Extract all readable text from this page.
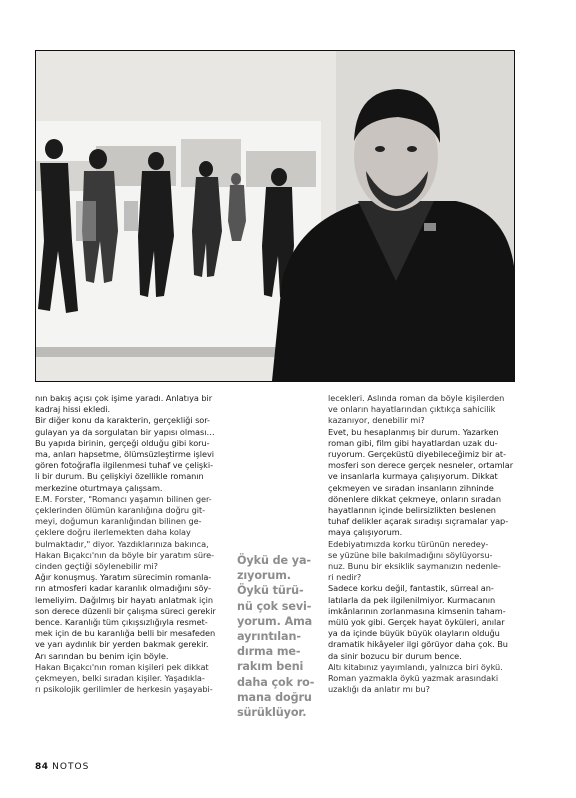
nın bakış açısı çok işime yaradı. Anlatıya bir

kadraj hissi ekledi.

Bir diğer konu da karakterin, gerçekliği sor-

gulayan ya da sorgulatan bir yapısı olması…

Bu yapıda birinin, gerçeği olduğu gibi koru-

ma, anları hapsetme, ölümsüzleştirme işlevi

gören fotoğrafla ilgilenmesi tuhaf ve çelişki-

li bir durum. Bu çelişkiyi özellikle romanın

merkezine oturtmaya çalışsam.

E.M. Forster, "Romancı yaşamın bilinen ger-

çeklerinden ölümün karanlığına doğru git-

meyi, doğumun karanlığından bilinen ge-

çeklere doğru ilerlemekten daha kolay

bulmaktadır," diyor. Yazdıklarınıza bakınca,

Hakan Bıçakcı'nın da böyle bir yaratım süre-

cinden geçtiği söylenebilir mi?

Ağır konuşmuş. Yaratım sürecimin romanla-

rın atmosferi kadar karanlık olmadığını söy-

lemeliyim. Dağılmış bir hayatı anlatmak için

son derece düzenli bir çalışma süreci gerekir

bence. Karanlığı tüm çıkışsızlığıyla resmet-

mek için de bu karanlığa belli bir mesafeden

ve yarı aydınlık bir yerden bakmak gerekir.

Arı sarından bu benim için böyle.

Hakan Bıçakcı'nın roman kişileri pek dikkat

çekmeyen, belki sıradan kişiler. Yaşadıkla-

rı psikolojik gerilimler de herkesin yaşayabi-

lecekleri. Aslında roman da böyle kişilerden

ve onların hayatlarından çıktıkça sahicilik

kazanıyor, denebilir mi?

Evet, bu hesaplanmış bir durum. Yazarken

roman gibi, film gibi hayatlardan uzak du-

ruyorum. Gerçeküstü diyebileceğimiz bir at-

mosferi son derece gerçek nesneler, ortamlar

ve insanlarla kurmaya çalışıyorum. Dikkat

çekmeyen ve sıradan insanların zihninde

dönenlere dikkat çekmeye, onların sıradan

hayatlarının içinde belirsizlikten beslenen

tuhaf delikler açarak sıradışı sıçramalar yap-

maya çalışıyorum.

Edebiyatımızda korku türünün neredey-

se yüzüne bile bakılmadığını söylüyorsu-

nuz. Bunu bir eksiklik saymanızın nedenle-

ri nedir?

Sadece korku değil, fantastik, sürreal an-

latılarla da pek ilgilenilmiyor. Kurmacanın

imkânlarının zorlanmasına kimsenin taham-

mülü yok gibi. Gerçek hayat öyküleri, anılar

ya da içinde büyük büyük olayların olduğu

dramatik hikâyeler ilgi görüyor daha çok. Bu

da sinir bozucu bir durum bence.

Altı kitabınız yayımlandı, yalnızca biri öykü.

Roman yazmakla öykü yazmak arasındaki

uzaklığı da anlatır mı bu?

Öykü de ya-
zıyorum.
Öykü türü-
nü çok sevi-
yorum. Ama
ayrıntılan-
dırma me-
rakım beni
daha çok ro-
mana doğru
sürüklüyor.
84 NOTOS
